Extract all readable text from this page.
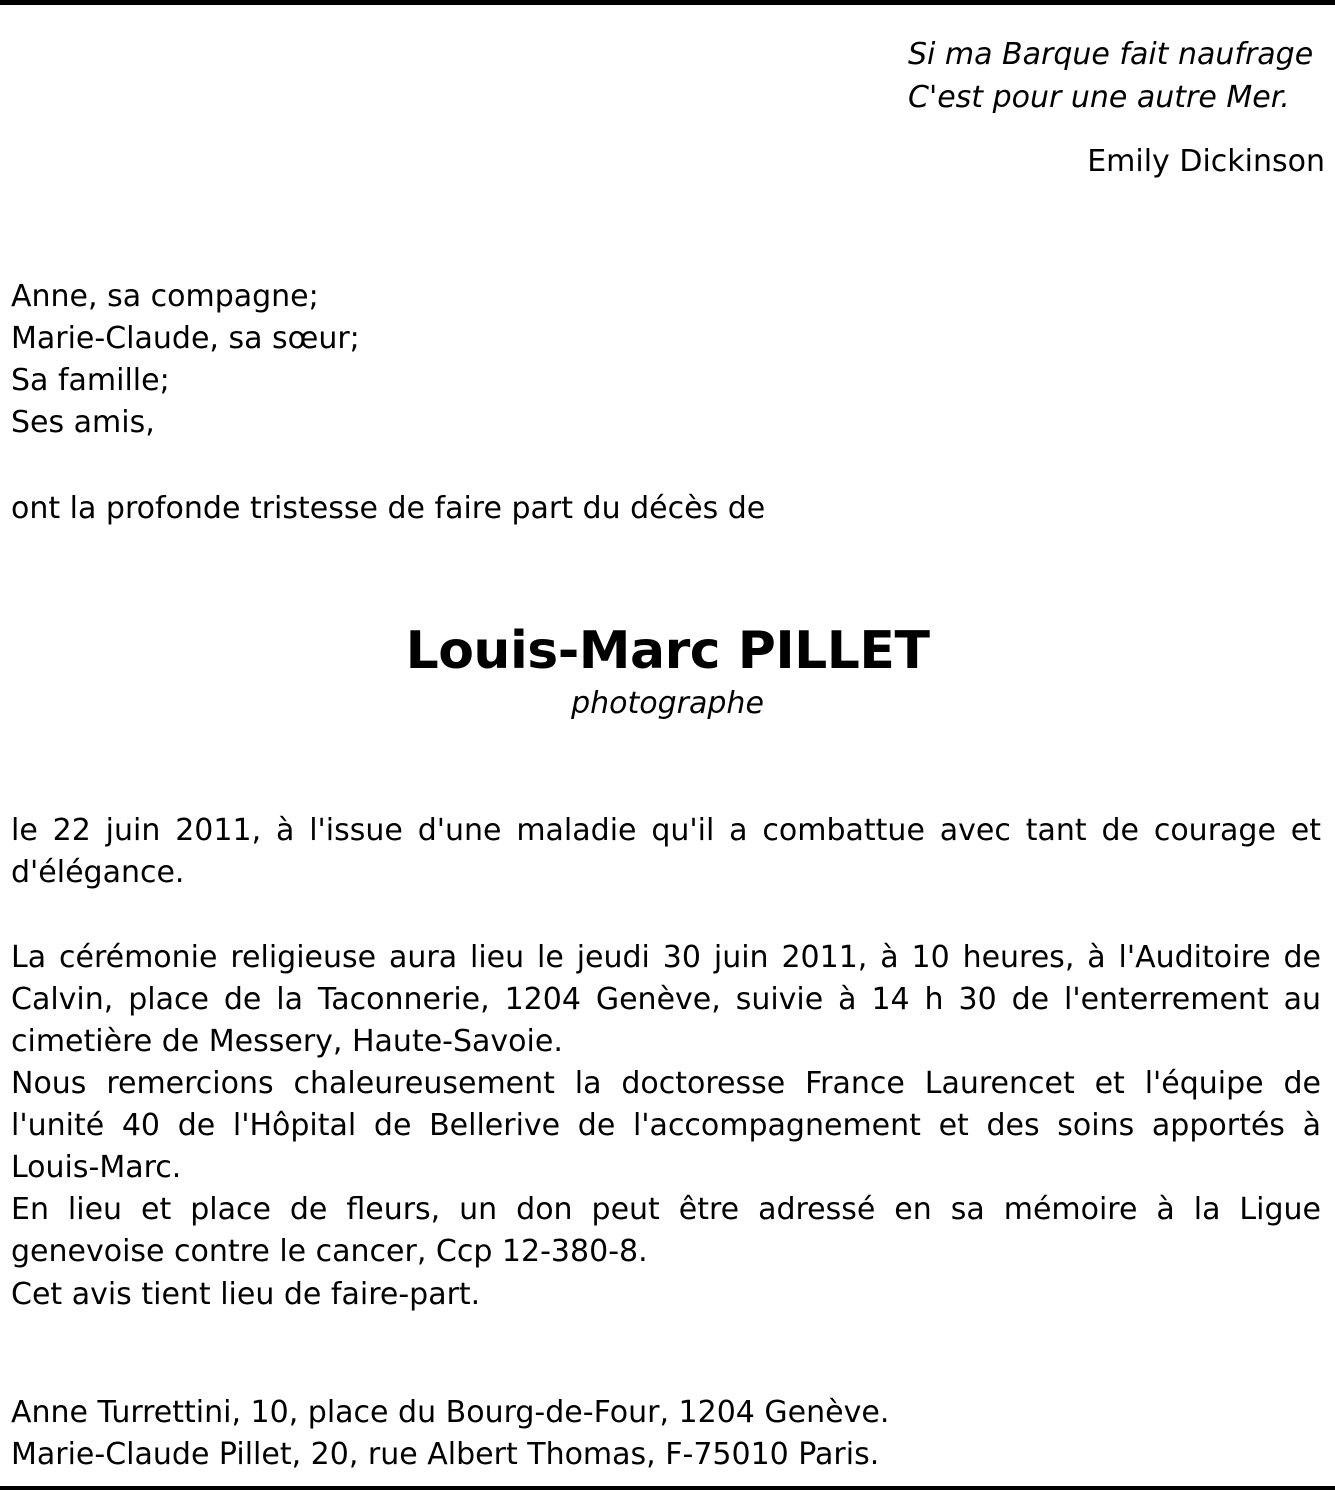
Si ma Barque fait naufrage
C'est pour une autre Mer.
Emily Dickinson
Anne, sa compagne;
Marie-Claude, sa sœur;
Sa famille;
Ses amis,
ont la profonde tristesse de faire part du décès de
Louis-Marc PILLET
photographe
le 22 juin 2011, à l'issue d'une maladie qu'il a combattue avec tant de courage et d'élégance.
La cérémonie religieuse aura lieu le jeudi 30 juin 2011, à 10 heures, à l'Auditoire de Calvin, place de la Taconnerie, 1204 Genève, suivie à 14 h 30 de l'enterrement au cimetière de Messery, Haute-Savoie.
Nous remercions chaleureusement la doctoresse France Laurencet et l'équipe de l'unité 40 de l'Hôpital de Bellerive de l'accompagnement et des soins apportés à Louis-Marc.
En lieu et place de fleurs, un don peut être adressé en sa mémoire à la Ligue genevoise contre le cancer, Ccp 12-380-8.
Cet avis tient lieu de faire-part.
Anne Turrettini, 10, place du Bourg-de-Four, 1204 Genève.
Marie-Claude Pillet, 20, rue Albert Thomas, F-75010 Paris.
